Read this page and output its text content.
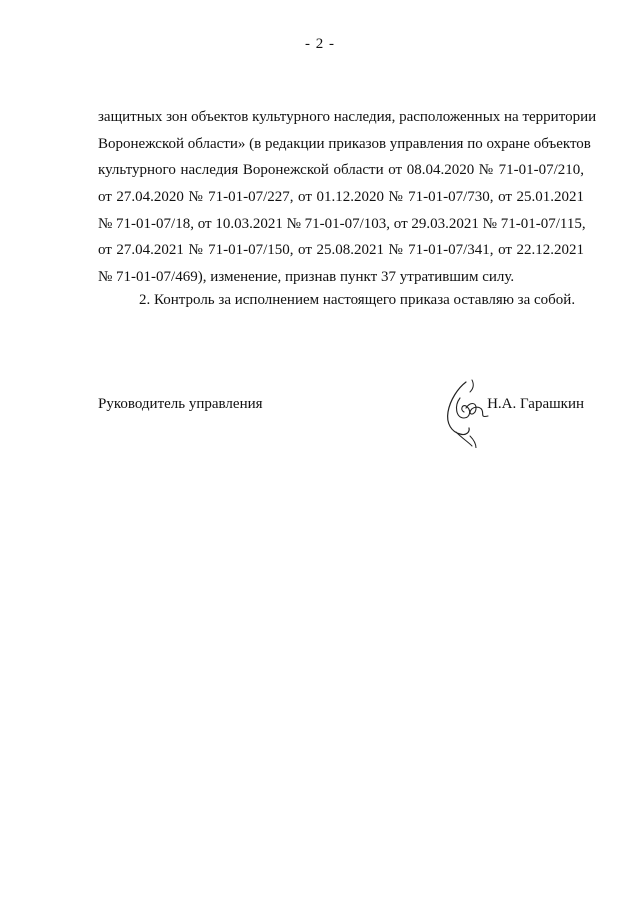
- 2 -
защитных зон объектов культурного наследия, расположенных на территории
Воронежской области» (в редакции приказов управления по охране объектов
культурного наследия Воронежской области от 08.04.2020 № 71-01-07/210,
от 27.04.2020 № 71-01-07/227, от 01.12.2020 № 71-01-07/730, от 25.01.2021
№ 71-01-07/18, от 10.03.2021 № 71-01-07/103, от 29.03.2021 № 71-01-07/115,
от 27.04.2021 № 71-01-07/150, от 25.08.2021 № 71-01-07/341, от 22.12.2021
№ 71-01-07/469), изменение, признав пункт 37 утратившим силу.
2. Контроль за исполнением настоящего приказа оставляю за собой.
Руководитель управления	Н.А. Гарашкин
